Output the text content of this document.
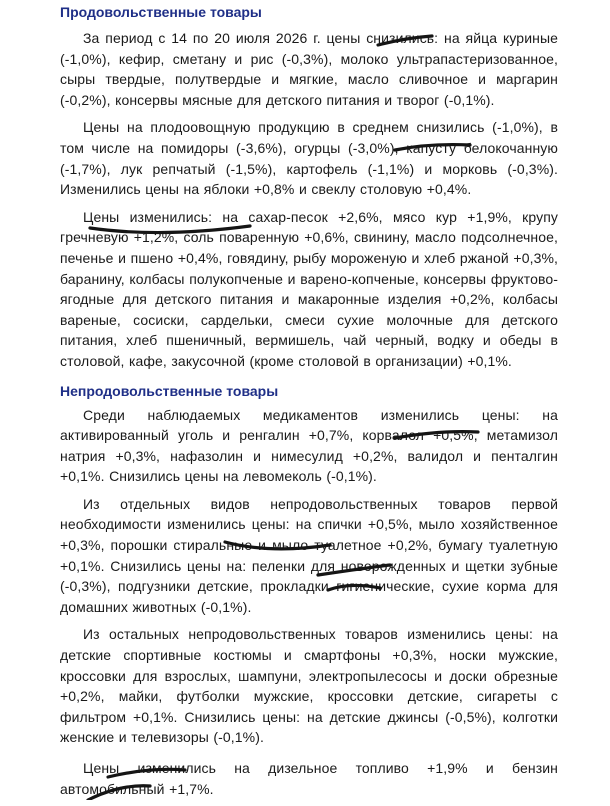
Продовольственные товары

За период с 14 по 20 июля 2026 г. цены снизились: на яйца куриные (-1,0%), кефир, сметану и рис (-0,3%), молоко ультрапастеризованное, сыры твердые, полутвердые и мягкие, масло сливочное и маргарин (-0,2%), консервы мясные для детского питания и творог (-0,1%).

Цены на плодоовощную продукцию в среднем снизились (-1,0%), в том числе на помидоры (-3,6%), огурцы (-3,0%), капусту белокочанную (-1,7%), лук репчатый (-1,5%), картофель (-1,1%) и морковь (-0,3%). Изменились цены на яблоки +0,8% и свеклу столовую +0,4%.

Цены изменились: на сахар-песок +2,6%, мясо кур +1,9%, крупу гречневую +1,2%, соль поваренную +0,6%, свинину, масло подсолнечное, печенье и пшено +0,4%, говядину, рыбу мороженую и хлеб ржаной +0,3%, баранину, колбасы полукопченые и варено-копченые, консервы фруктово-ягодные для детского питания и макаронные изделия +0,2%, колбасы вареные, сосиски, сардельки, смеси сухие молочные для детского питания, хлеб пшеничный, вермишель, чай черный, водку и обеды в столовой, кафе, закусочной (кроме столовой в организации) +0,1%.

Непродовольственные товары

Среди наблюдаемых медикаментов изменились цены: на активированный уголь и ренгалин +0,7%, корвалол +0,5%, метамизол натрия +0,3%, нафазолин и нимесулид +0,2%, валидол и пенталгин +0,1%. Снизились цены на левомеколь (-0,1%).

Из отдельных видов непродовольственных товаров первой необходимости изменились цены: на спички +0,5%, мыло хозяйственное +0,3%, порошки стиральные и мыло туалетное +0,2%, бумагу туалетную +0,1%. Снизились цены на: пеленки для новорожденных и щетки зубные (-0,3%), подгузники детские, прокладки гигиенические, сухие корма для домашних животных (-0,1%).

Из остальных непродовольственных товаров изменились цены: на детские спортивные костюмы и смартфоны +0,3%, носки мужские, кроссовки для взрослых, шампуни, электропылесосы и доски обрезные +0,2%, майки, футболки мужские, кроссовки детские, сигареты с фильтром +0,1%. Снизились цены: на детские джинсы (-0,5%), колготки женские и телевизоры (-0,1%).

Цены изменились на дизельное топливо +1,9% и бензин автомобильный +1,7%.
